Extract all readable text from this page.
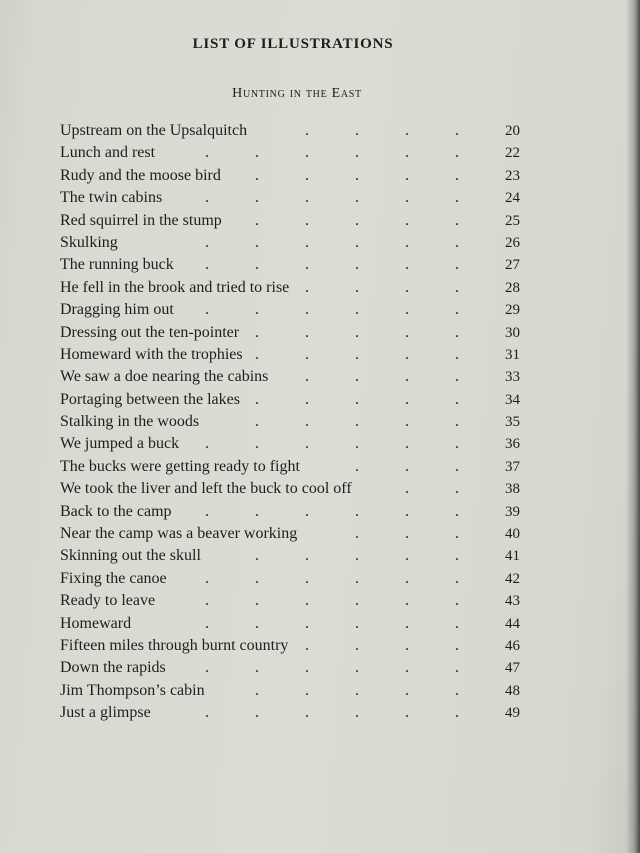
LIST OF ILLUSTRATIONS
Hunting in the East
Upstream on the Upsalquitch	.	.	.	.	20
Lunch and rest	.	.	.	.	.	.	22
Rudy and the moose bird .	.	.	.	.	23
The twin cabins	.	.	.	.	.	.	24
Red squirrel in the stump .	.	.	.	.	25
Skulking	.	.	.	.	.	.	26
The running buck .	.	.	.	.	.	27
He fell in the brook and tried to rise .	.	.	.	28
Dragging him out .	.	.	.	.	.	29
Dressing out the ten-pointer .	.	.	.	.	30
Homeward with the trophies .	.	.	.	.	31
We saw a doe nearing the cabins .	.	.	.	33
Portaging between the lakes .	.	.	.	.	34
Stalking in the woods	.	.	.	.	.	35
We jumped a buck .	.	.	.	.	.	36
The bucks were getting ready to fight	.	.	.	37
We took the liver and left the buck to cool off	.	.	38
Back to the camp .	.	.	.	.	.	39
Near the camp was a beaver working	.	.	.	40
Skinning out the skull	.	.	.	.	.	41
Fixing the canoe .	.	.	.	.	.	42
Ready to leave	.	.	.	.	.	.	43
Homeward	.	.	.	.	.	.	44
Fifteen miles through burnt country .	.	.	.	46
Down the rapids .	.	.	.	.	.	47
Jim Thompson’s cabin	.	.	.	.	.	48
Just a glimpse	.	.	.	.	.	.	49
